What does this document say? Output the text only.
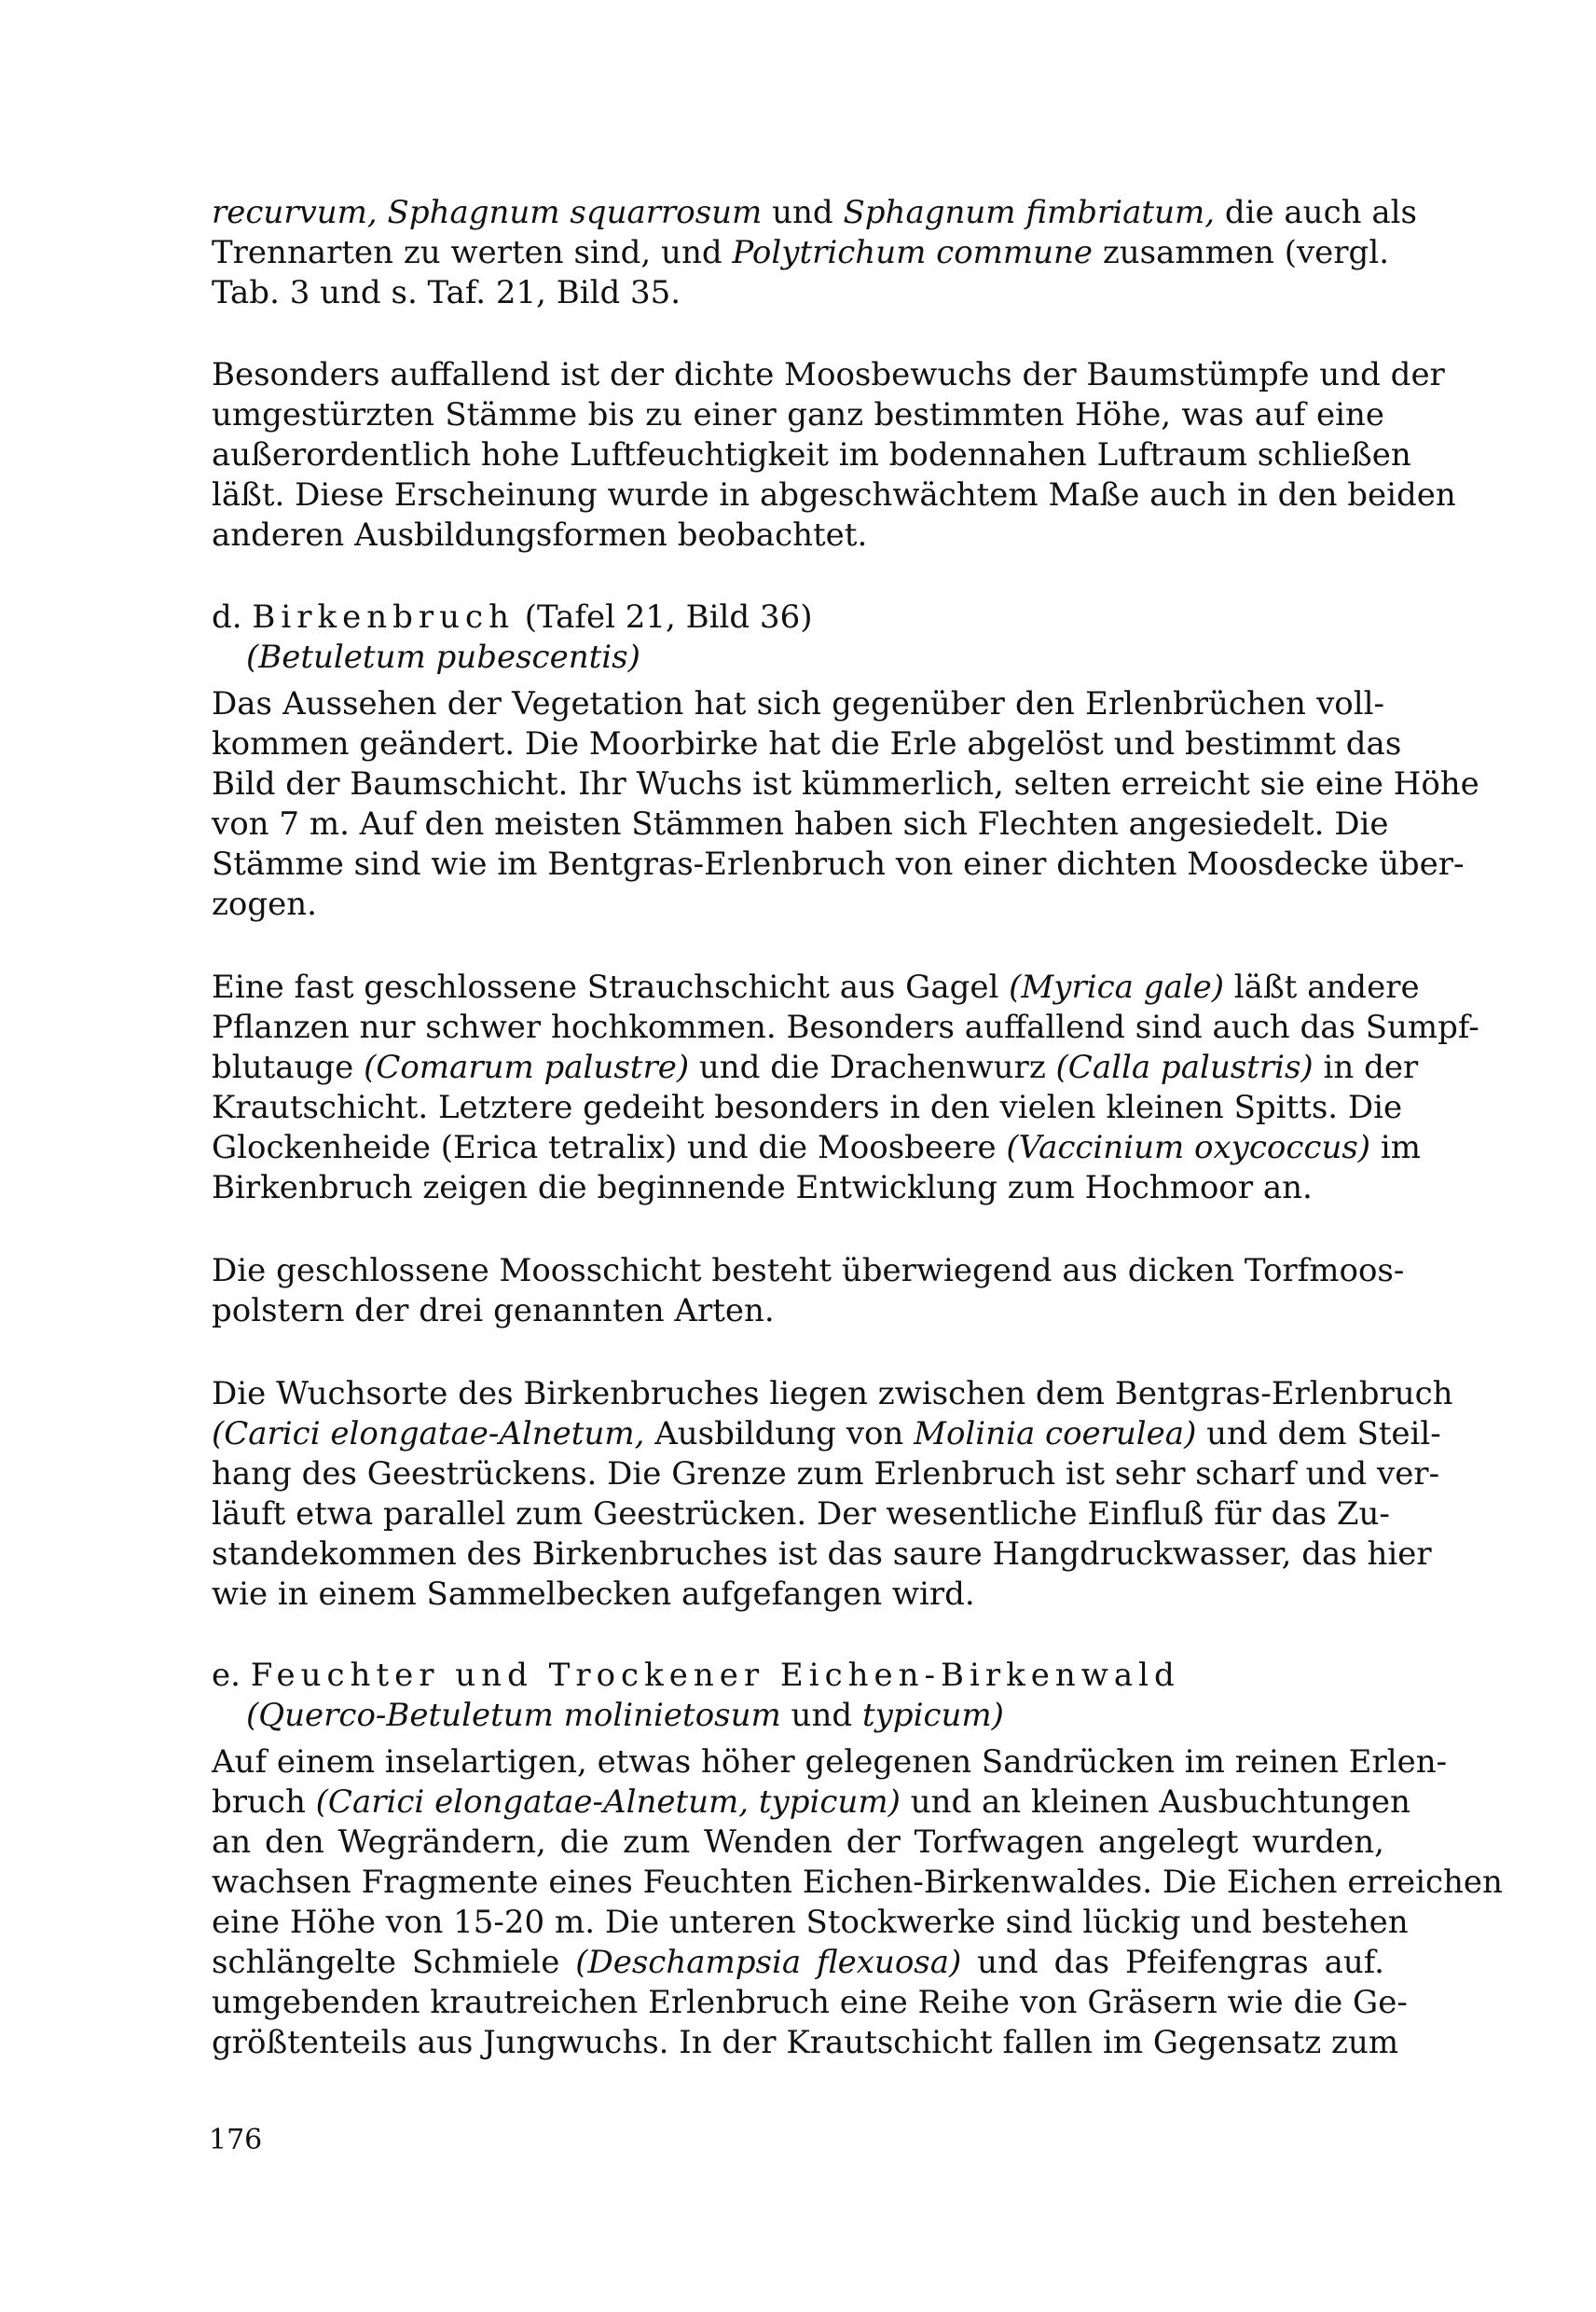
recurvum, Sphagnum squarrosum und Sphagnum fimbriatum, die auch als
Trennarten zu werten sind, und Polytrichum commune zusammen (vergl.
Tab. 3 und s. Taf. 21, Bild 35.
Besonders auffallend ist der dichte Moosbewuchs der Baumstümpfe und der
umgestürzten Stämme bis zu einer ganz bestimmten Höhe, was auf eine
außerordentlich hohe Luftfeuchtigkeit im bodennahen Luftraum schließen
läßt. Diese Erscheinung wurde in abgeschwächtem Maße auch in den beiden
anderen Ausbildungsformen beobachtet.
d. Birkenbruch (Tafel 21, Bild 36)
(Betuletum pubescentis)
Das Aussehen der Vegetation hat sich gegenüber den Erlenbrüchen voll-
kommen geändert. Die Moorbirke hat die Erle abgelöst und bestimmt das
Bild der Baumschicht. Ihr Wuchs ist kümmerlich, selten erreicht sie eine Höhe
von 7 m. Auf den meisten Stämmen haben sich Flechten angesiedelt. Die
Stämme sind wie im Bentgras-Erlenbruch von einer dichten Moosdecke über-
zogen.
Eine fast geschlossene Strauchschicht aus Gagel (Myrica gale) läßt andere
Pflanzen nur schwer hochkommen. Besonders auffallend sind auch das Sumpf-
blutauge (Comarum palustre) und die Drachenwurz (Calla palustris) in der
Krautschicht. Letztere gedeiht besonders in den vielen kleinen Spitts. Die
Glockenheide (Erica tetralix) und die Moosbeere (Vaccinium oxycoccus) im
Birkenbruch zeigen die beginnende Entwicklung zum Hochmoor an.
Die geschlossene Moosschicht besteht überwiegend aus dicken Torfmoos-
polstern der drei genannten Arten.
Die Wuchsorte des Birkenbruches liegen zwischen dem Bentgras-Erlenbruch
(Carici elongatae-Alnetum, Ausbildung von Molinia coerulea) und dem Steil-
hang des Geestrückens. Die Grenze zum Erlenbruch ist sehr scharf und ver-
läuft etwa parallel zum Geestrücken. Der wesentliche Einfluß für das Zu-
standekommen des Birkenbruches ist das saure Hangdruckwasser, das hier
wie in einem Sammelbecken aufgefangen wird.
e. Feuchter und Trockener Eichen-Birkenwald
(Querco-Betuletum molinietosum und typicum)
Auf einem inselartigen, etwas höher gelegenen Sandrücken im reinen Erlen-
bruch (Carici elongatae-Alnetum, typicum) und an kleinen Ausbuchtungen
an den Wegrändern, die zum Wenden der Torfwagen angelegt wurden,
wachsen Fragmente eines Feuchten Eichen-Birkenwaldes. Die Eichen erreichen
eine Höhe von 15-20 m. Die unteren Stockwerke sind lückig und bestehen
schlängelte Schmiele (Deschampsia flexuosa) und das Pfeifengras auf.
umgebenden krautreichen Erlenbruch eine Reihe von Gräsern wie die Ge-
größtenteils aus Jungwuchs. In der Krautschicht fallen im Gegensatz zum
176
